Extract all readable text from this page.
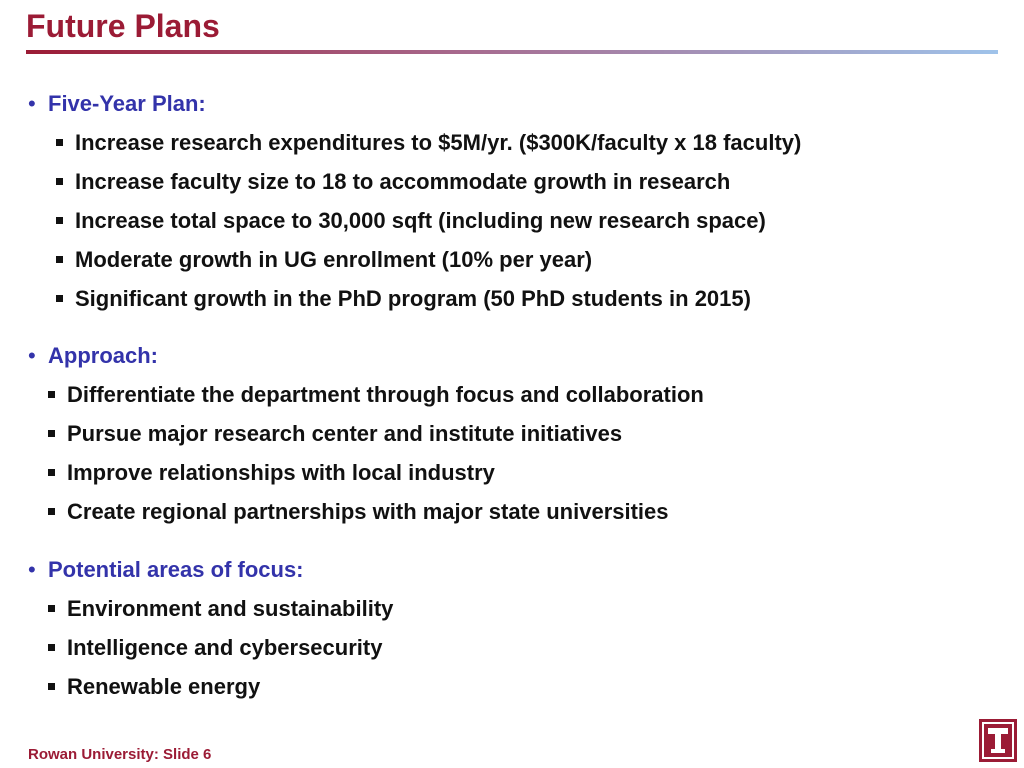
Future Plans
• Five-Year Plan:
Increase research expenditures to $5M/yr. ($300K/faculty x 18 faculty)
Increase faculty size to 18 to accommodate growth in research
Increase total space to 30,000 sqft (including new research space)
Moderate growth in UG enrollment (10% per year)
Significant growth in the PhD program (50 PhD students in 2015)
• Approach:
Differentiate the department through focus and collaboration
Pursue major research center and institute initiatives
Improve relationships with local industry
Create regional partnerships with major state universities
• Potential areas of focus:
Environment and sustainability
Intelligence and cybersecurity
Renewable energy
Rowan University: Slide 6
